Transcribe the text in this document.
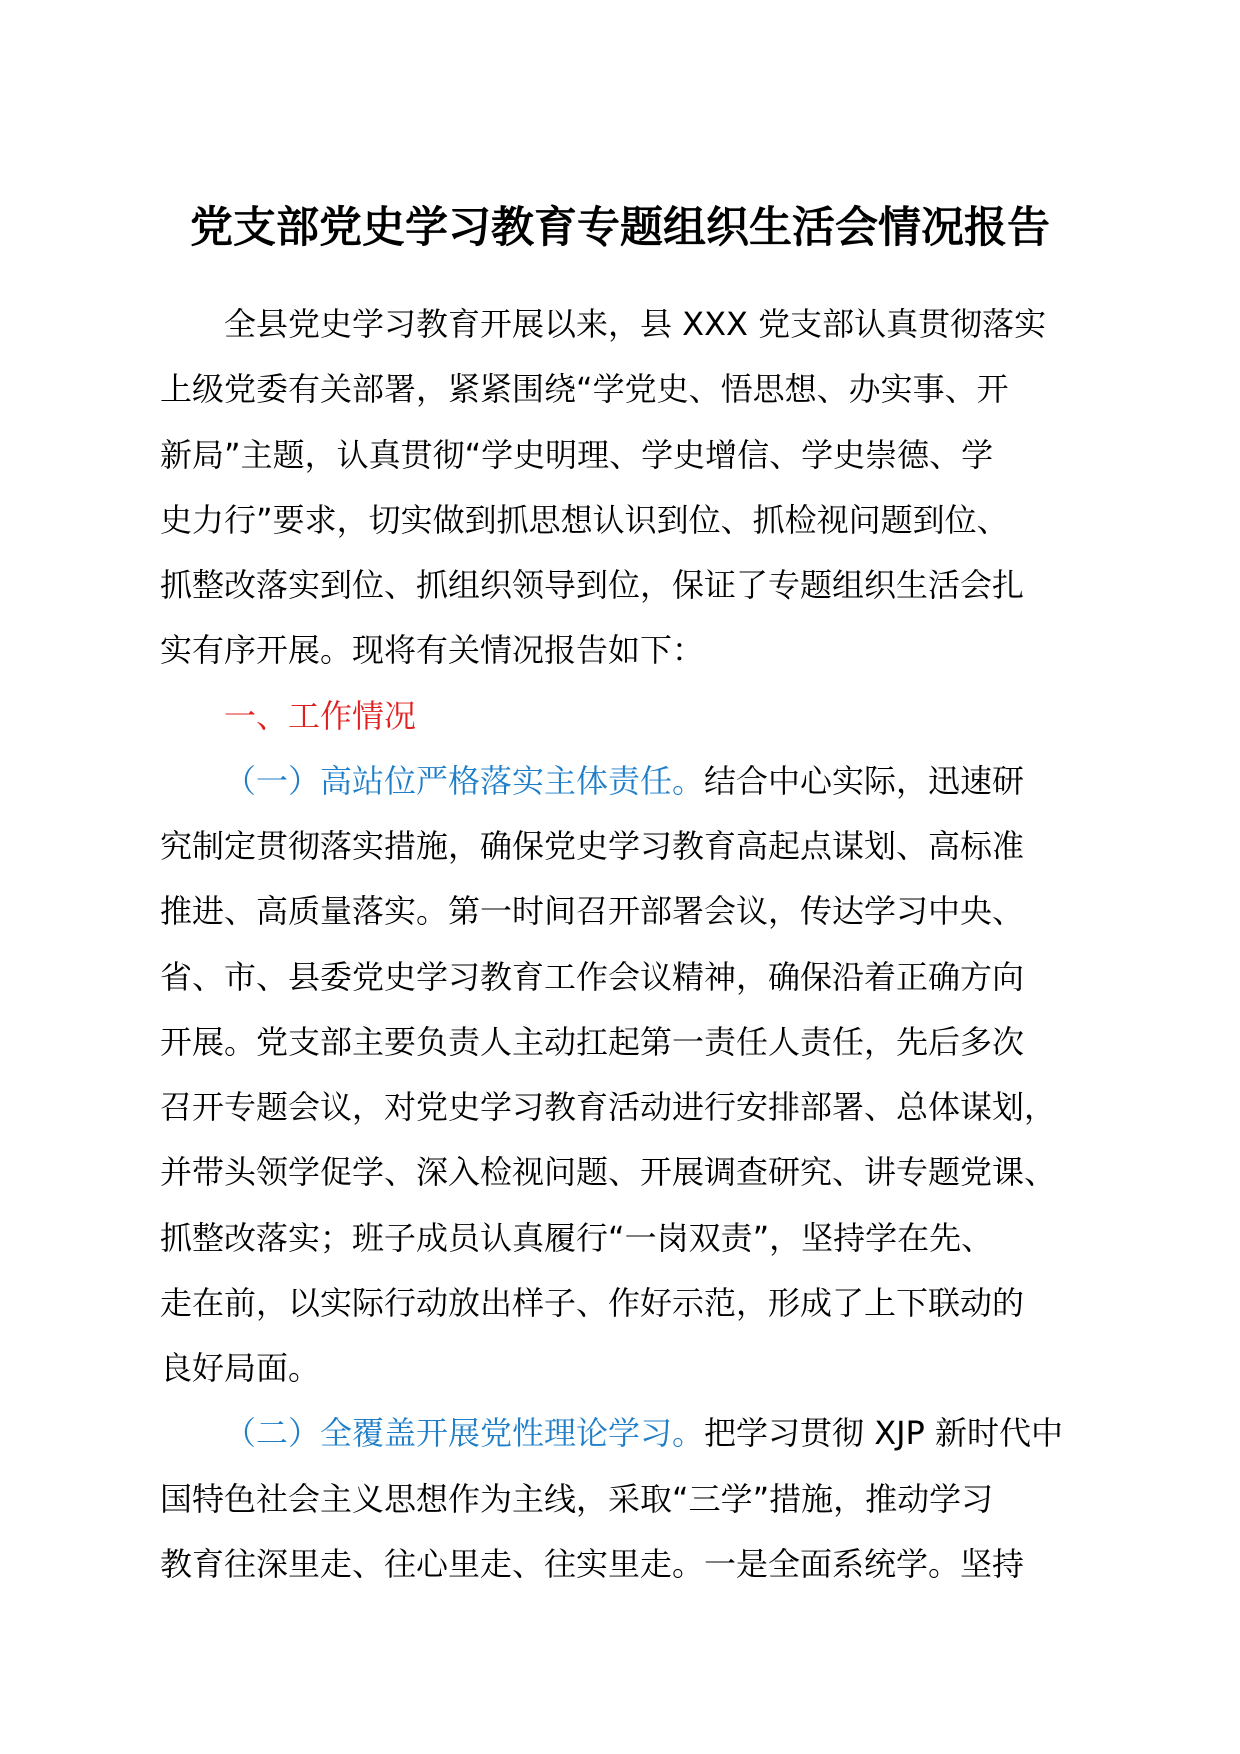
党支部党史学习教育专题组织生活会情况报告
全县党史学习教育开展以来，县 XXX 党支部认真贯彻落实
上级党委有关部署，紧紧围绕“学党史、悟思想、办实事、开
新局”主题，认真贯彻“学史明理、学史增信、学史崇德、学
史力行”要求，切实做到抓思想认识到位、抓检视问题到位、
抓整改落实到位、抓组织领导到位，保证了专题组织生活会扎
实有序开展。现将有关情况报告如下：
一、工作情况
（一）高站位严格落实主体责任。结合中心实际，迅速研
究制定贯彻落实措施，确保党史学习教育高起点谋划、高标准
推进、高质量落实。第一时间召开部署会议，传达学习中央、
省、市、县委党史学习教育工作会议精神，确保沿着正确方向
开展。党支部主要负责人主动扛起第一责任人责任，先后多次
召开专题会议，对党史学习教育活动进行安排部署、总体谋划，
并带头领学促学、深入检视问题、开展调查研究、讲专题党课、
抓整改落实；班子成员认真履行“一岗双责”，坚持学在先、
走在前，以实际行动放出样子、作好示范，形成了上下联动的
良好局面。
（二）全覆盖开展党性理论学习。把学习贯彻 XJP 新时代中
国特色社会主义思想作为主线，采取“三学”措施，推动学习
教育往深里走、往心里走、往实里走。一是全面系统学。坚持
